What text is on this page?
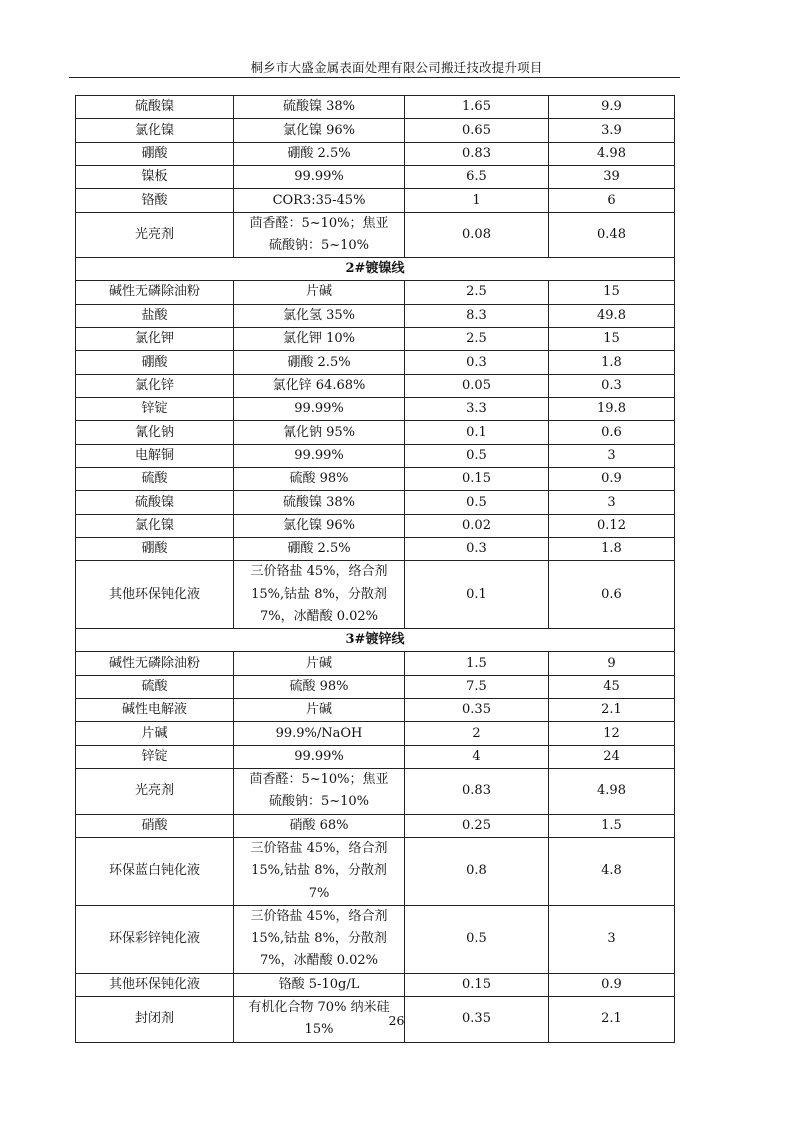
桐乡市大盛金属表面处理有限公司搬迁技改提升项目
硫酸镍	硫酸镍 38%	1.65	9.9
氯化镍	氯化镍 96%	0.65	3.9
硼酸	硼酸 2.5%	0.83	4.98
镍板	99.99%	6.5	39
铬酸	COR3:35-45%	1	6
光亮剂	茴香醛：5~10%；焦亚硫酸钠：5~10%	0.08	0.48
2#镀镍线			
碱性无磷除油粉	片碱	2.5	15
盐酸	氯化氢 35%	8.3	49.8
氯化钾	氯化钾 10%	2.5	15
硼酸	硼酸 2.5%	0.3	1.8
氯化锌	氯化锌 64.68%	0.05	0.3
锌锭	99.99%	3.3	19.8
氰化钠	氰化钠 95%	0.1	0.6
电解铜	99.99%	0.5	3
硫酸	硫酸 98%	0.15	0.9
硫酸镍	硫酸镍 38%	0.5	3
氯化镍	氯化镍 96%	0.02	0.12
硼酸	硼酸 2.5%	0.3	1.8
其他环保钝化液	三价铬盐 45%，络合剂 15%,钴盐 8%，分散剂 7%，冰醋酸 0.02%	0.1	0.6
3#镀锌线			
碱性无磷除油粉	片碱	1.5	9
硫酸	硫酸 98%	7.5	45
碱性电解液	片碱	0.35	2.1
片碱	99.9%/NaOH	2	12
锌锭	99.99%	4	24
光亮剂	茴香醛：5~10%；焦亚硫酸钠：5~10%	0.83	4.98
硝酸	硝酸 68%	0.25	1.5
环保蓝白钝化液	三价铬盐 45%，络合剂 15%,钴盐 8%，分散剂 7%	0.8	4.8
环保彩锌钝化液	三价铬盐 45%，络合剂 15%,钴盐 8%，分散剂 7%，冰醋酸 0.02%	0.5	3
其他环保钝化液	铬酸 5-10g/L	0.15	0.9
封闭剂	有机化合物 70% 纳米硅 15%	0.35	2.1
26
